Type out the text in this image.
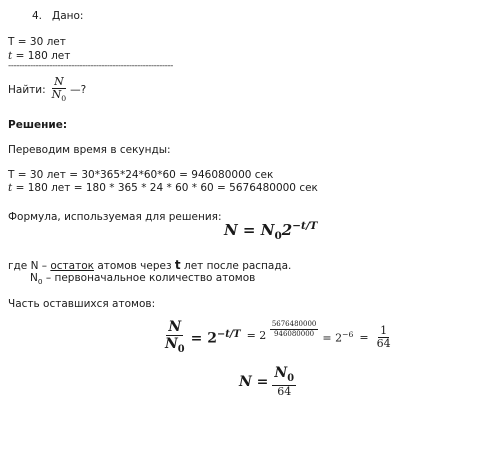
4. Дано:
T = 30 лет
t = 180 лет
------------------------------------------------------------
Найти: $\frac{N}{N_0}$ —?
Решение:
Переводим время в секунды:
T = 30 лет = 30*365*24*60*60 = 946080000 сек
t = 180 лет = 180 * 365 * 24 * 60 * 60 = 5676480000 сек
Формула, используемая для решения:
$N = N_02^{-t/T}$
где N – остаток атомов через t лет после распада.
$N_0$ – первоначальное количество атомов
Часть оставшихся атомов:
$\frac{N}{N_0} = 2^{-t/T} = 2 \frac{5676480000}{946080000}$
= $2^{-6} = \frac{1}{64}$
$N = \frac{N_0}{64}$
